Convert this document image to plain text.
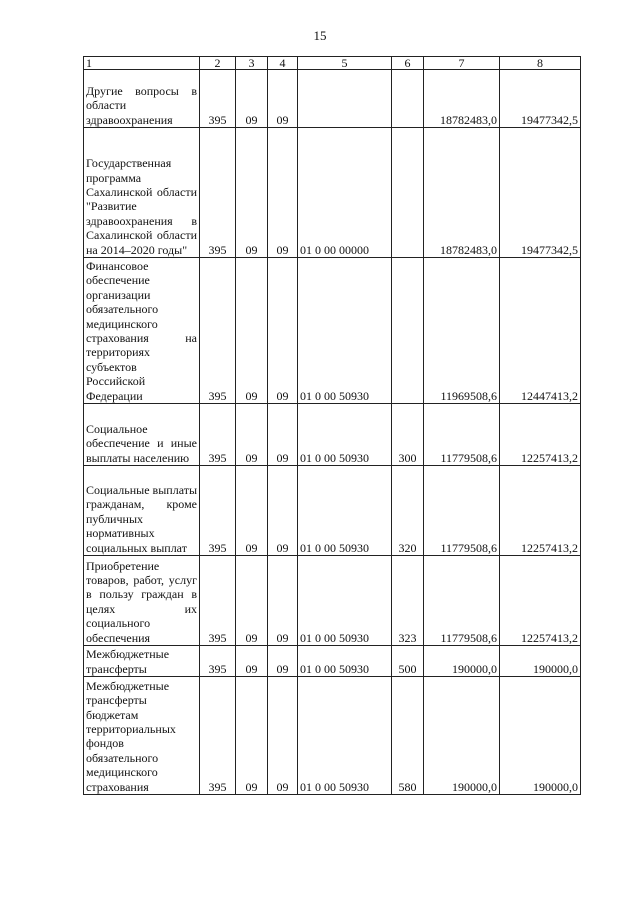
15
1	2	3	4	5	6	7	8
Другие вопросы в области здравоохранения	395	09	09			18782483,0	19477342,5
Государственная программа Сахалинской области "Развитие здравоохранения в Сахалинской области на 2014–2020 годы"	395	09	09	01 0 00 00000		18782483,0	19477342,5
Финансовое обеспечение организации обязательного медицинского страхования на территориях субъектов Российской Федерации	395	09	09	01 0 00 50930		11969508,6	12447413,2
Социальное обеспечение и иные выплаты населению	395	09	09	01 0 00 50930	300	11779508,6	12257413,2
Социальные выплаты гражданам, кроме публичных нормативных социальных выплат	395	09	09	01 0 00 50930	320	11779508,6	12257413,2
Приобретение товаров, работ, услуг в пользу граждан в целях их социального обеспечения	395	09	09	01 0 00 50930	323	11779508,6	12257413,2
Межбюджетные трансферты	395	09	09	01 0 00 50930	500	190000,0	190000,0
Межбюджетные трансферты бюджетам территориальных фондов обязательного медицинского страхования	395	09	09	01 0 00 50930	580	190000,0	190000,0
